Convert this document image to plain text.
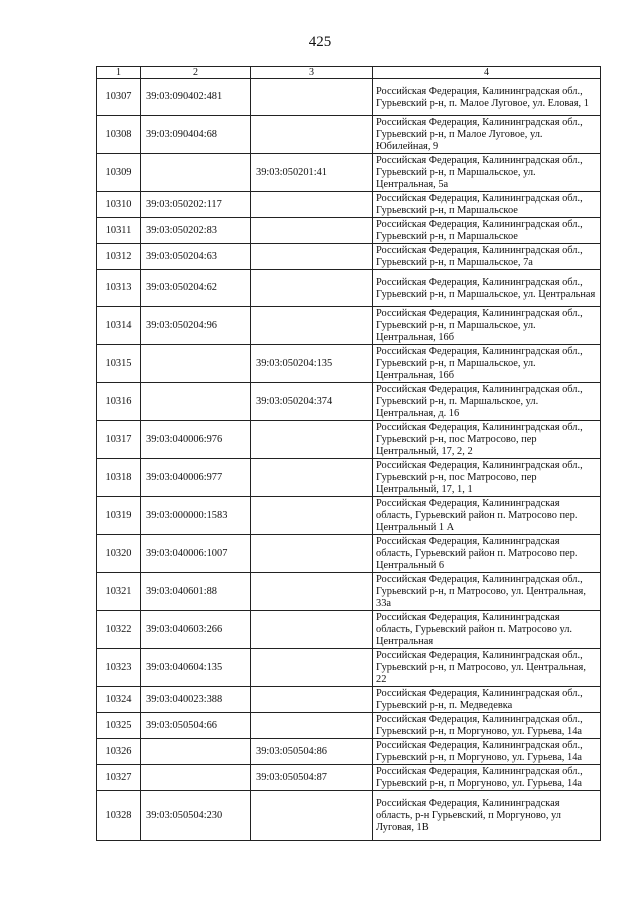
425
1	2	3	4
10307	39:03:090402:481		Российская Федерация, Калининградская обл., Гурьевский р-н, п. Малое Луговое, ул. Еловая, 1
10308	39:03:090404:68		Российская Федерация, Калининградская обл., Гурьевский р-н, п Малое Луговое, ул. Юбилейная, 9
10309		39:03:050201:41	Российская Федерация, Калининградская обл., Гурьевский р-н, п Маршальское, ул. Центральная, 5а
10310	39:03:050202:117		Российская Федерация, Калининградская обл., Гурьевский р-н, п Маршальское
10311	39:03:050202:83		Российская Федерация, Калининградская обл., Гурьевский р-н, п Маршальское
10312	39:03:050204:63		Российская Федерация, Калининградская обл., Гурьевский р-н, п Маршальское, 7а
10313	39:03:050204:62		Российская Федерация, Калининградская обл., Гурьевский р-н, п Маршальское, ул. Центральная
10314	39:03:050204:96		Российская Федерация, Калининградская обл., Гурьевский р-н, п Маршальское, ул. Центральная, 16б
10315		39:03:050204:135	Российская Федерация, Калининградская обл., Гурьевский р-н, п Маршальское, ул. Центральная, 16б
10316		39:03:050204:374	Российская Федерация, Калининградская обл., Гурьевский р-н, п. Маршальское, ул. Центральная, д. 16
10317	39:03:040006:976		Российская Федерация, Калининградская обл., Гурьевский р-н, пос Матросово, пер Центральный, 17, 2, 2
10318	39:03:040006:977		Российская Федерация, Калининградская обл., Гурьевский р-н, пос Матросово, пер Центральный, 17, 1, 1
10319	39:03:000000:1583		Российская Федерация, Калининградская область, Гурьевский район п. Матросово пер. Центральный 1 А
10320	39:03:040006:1007		Российская Федерация, Калининградская область, Гурьевский район п. Матросово пер. Центральный 6
10321	39:03:040601:88		Российская Федерация, Калининградская обл., Гурьевский р-н, п Матросово, ул. Центральная, 33а
10322	39:03:040603:266		Российская Федерация, Калининградская область, Гурьевский район п. Матросово ул. Центральная
10323	39:03:040604:135		Российская Федерация, Калининградская обл., Гурьевский р-н, п Матросово, ул. Центральная, 22
10324	39:03:040023:388		Российская Федерация, Калининградская обл., Гурьевский р-н, п. Медведевка
10325	39:03:050504:66		Российская Федерация, Калининградская обл., Гурьевский р-н, п Моргуново, ул. Гурьева, 14а
10326		39:03:050504:86	Российская Федерация, Калининградская обл., Гурьевский р-н, п Моргуново, ул. Гурьева, 14а
10327		39:03:050504:87	Российская Федерация, Калининградская обл., Гурьевский р-н, п Моргуново, ул. Гурьева, 14а
10328	39:03:050504:230		Российская Федерация, Калининградская область, р-н Гурьевский, п Моргуново, ул Луговая, 1В
